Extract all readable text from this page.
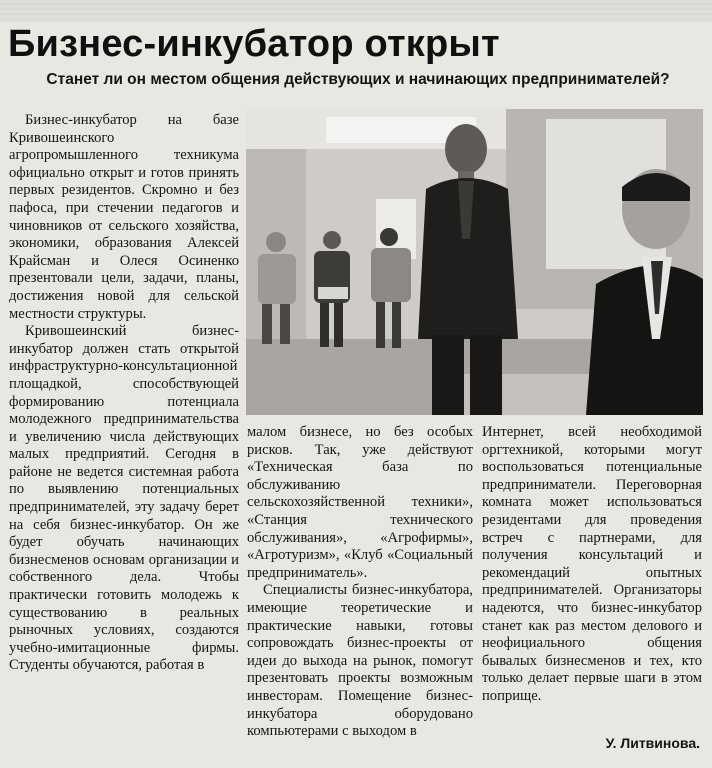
Бизнес-инкубатор открыт
Станет ли он местом общения действующих и начинающих предпринимателей?

Бизнес-инкубатор на базе Кривошеинского агропромышленного техникума официально открыт и готов принять первых резидентов. Скромно и без пафоса, при стечении педагогов и чиновников от сельского хозяйства, экономики, образования Алексей Крайсман и Олеся Осиненко презентовали цели, задачи, планы, достижения новой для сельской местности структуры.

Кривошеинский бизнес-инкубатор должен стать открытой инфраструктурно-консультационной площадкой, способствующей формированию потенциала молодежного предпринимательства и увеличению числа действующих малых предприятий. Сегодня в районе не ведется системная работа по выявлению потенциальных предпринимателей, эту задачу берет на себя бизнес-инкубатор. Он же будет обучать начинающих бизнесменов основам организации и собственного дела. Чтобы практически готовить молодежь к существованию в реальных рыночных условиях, создаются учебно-имитационные фирмы. Студенты обучаются, работая в

малом бизнесе, но без особых рисков. Так, уже действуют «Техническая база по обслуживанию сельскохозяйственной техники», «Станция технического обслуживания», «Агрофирмы», «Агротуризм», «Клуб «Социальный предприниматель».

Специалисты бизнес-инкубатора, имеющие теоретические и практические навыки, готовы сопровождать бизнес-проекты от идеи до выхода на рынок, помогут презентовать проекты возможным инвесторам. Помещение бизнес-инкубатора оборудовано компьютерами с выходом в

Интернет, всей необходимой оргтехникой, которыми могут воспользоваться потенциальные предприниматели. Переговорная комната может использоваться резидентами для проведения встреч с партнерами, для получения консультаций и рекомендаций опытных предпринимателей. Организаторы надеются, что бизнес-инкубатор станет как раз местом делового и неофициального общения бывалых бизнесменов и тех, кто только делает первые шаги в этом поприще.

У. Литвинова.
